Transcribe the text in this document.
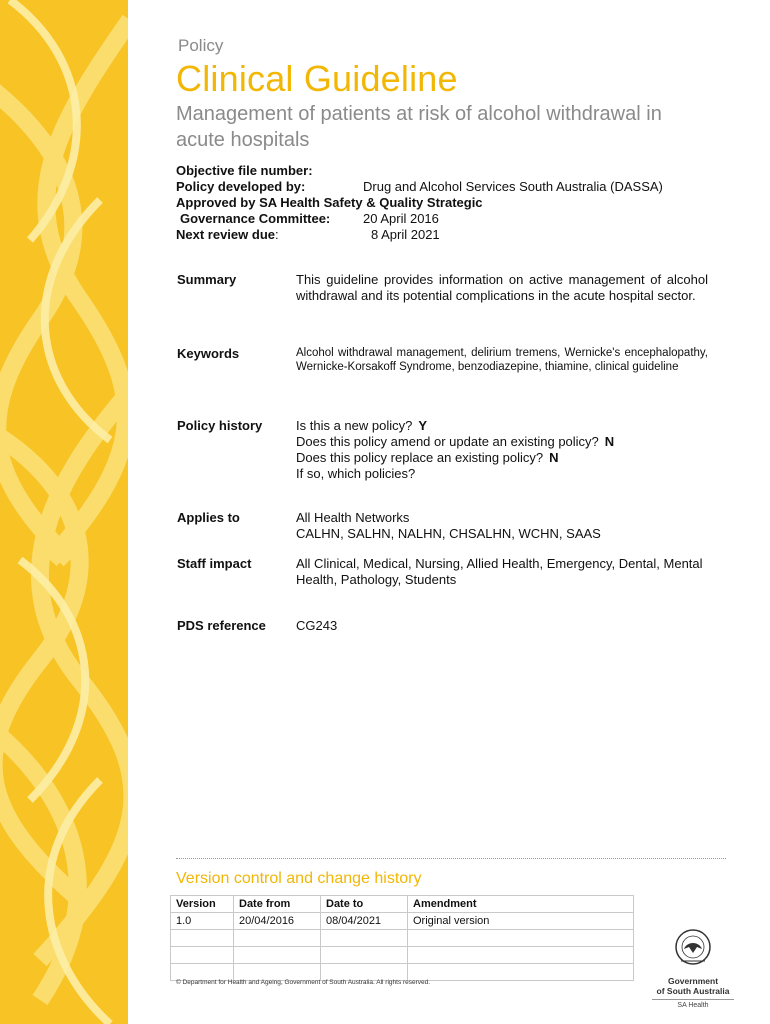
Policy
Clinical Guideline
Management of patients at risk of alcohol withdrawal in acute hospitals
Objective file number:
Policy developed by:	Drug and Alcohol Services South Australia (DASSA)
Approved by SA Health Safety & Quality Strategic
Governance Committee:	20 April 2016
Next review due:	8 April 2021
Summary	This guideline provides information on active management of alcohol withdrawal and its potential complications in the acute hospital sector.
Keywords	Alcohol withdrawal management, delirium tremens, Wernicke's encephalopathy, Wernicke-Korsakoff Syndrome, benzodiazepine, thiamine, clinical guideline
Policy history	Is this a new policy? Y
Does this policy amend or update an existing policy? N
Does this policy replace an existing policy? N
If so, which policies?
Applies to	All Health Networks
CALHN, SALHN, NALHN, CHSALHN, WCHN, SAAS
Staff impact	All Clinical, Medical, Nursing, Allied Health, Emergency, Dental, Mental Health, Pathology, Students
PDS reference CG243
Version control and change history
Version	Date from	Date to	Amendment
1.0	20/04/2016	08/04/2021	Original version

© Department for Health and Ageing, Government of South Australia. All rights reserved.	Government
of South Australia
SA Health
